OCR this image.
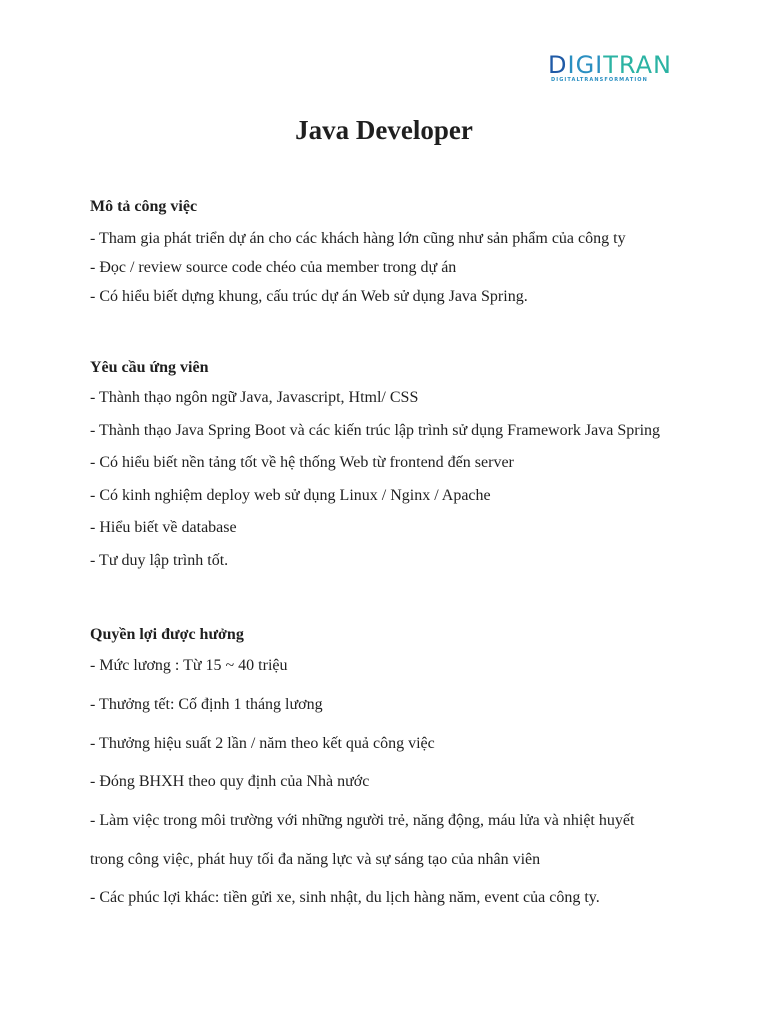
DIGITRAN
DIGITALTRANSFORMATION
Java Developer

Mô tả công việc

- Tham gia phát triển dự án cho các khách hàng lớn cũng như sản phẩm của công ty

- Đọc / review source code chéo của member trong dự án

- Có hiểu biết dựng khung, cấu trúc dự án Web sử dụng Java Spring.

Yêu cầu ứng viên

- Thành thạo ngôn ngữ Java, Javascript, Html/ CSS

- Thành thạo Java Spring Boot và các kiến trúc lập trình sử dụng Framework Java Spring

- Có hiểu biết nền tảng tốt về hệ thống Web từ frontend đến server

- Có kinh nghiệm deploy web sử dụng Linux / Nginx / Apache

- Hiểu biết về database

- Tư duy lập trình tốt.

Quyền lợi được hưởng

- Mức lương : Từ 15 ~ 40 triệu

- Thưởng tết: Cố định 1 tháng lương

- Thưởng hiệu suất 2 lần / năm theo kết quả công việc

- Đóng BHXH theo quy định của Nhà nước

- Làm việc trong môi trường với những người trẻ, năng động, máu lửa và nhiệt huyết

trong công việc, phát huy tối đa năng lực và sự sáng tạo của nhân viên

- Các phúc lợi khác: tiền gửi xe, sinh nhật, du lịch hàng năm, event của công ty.
